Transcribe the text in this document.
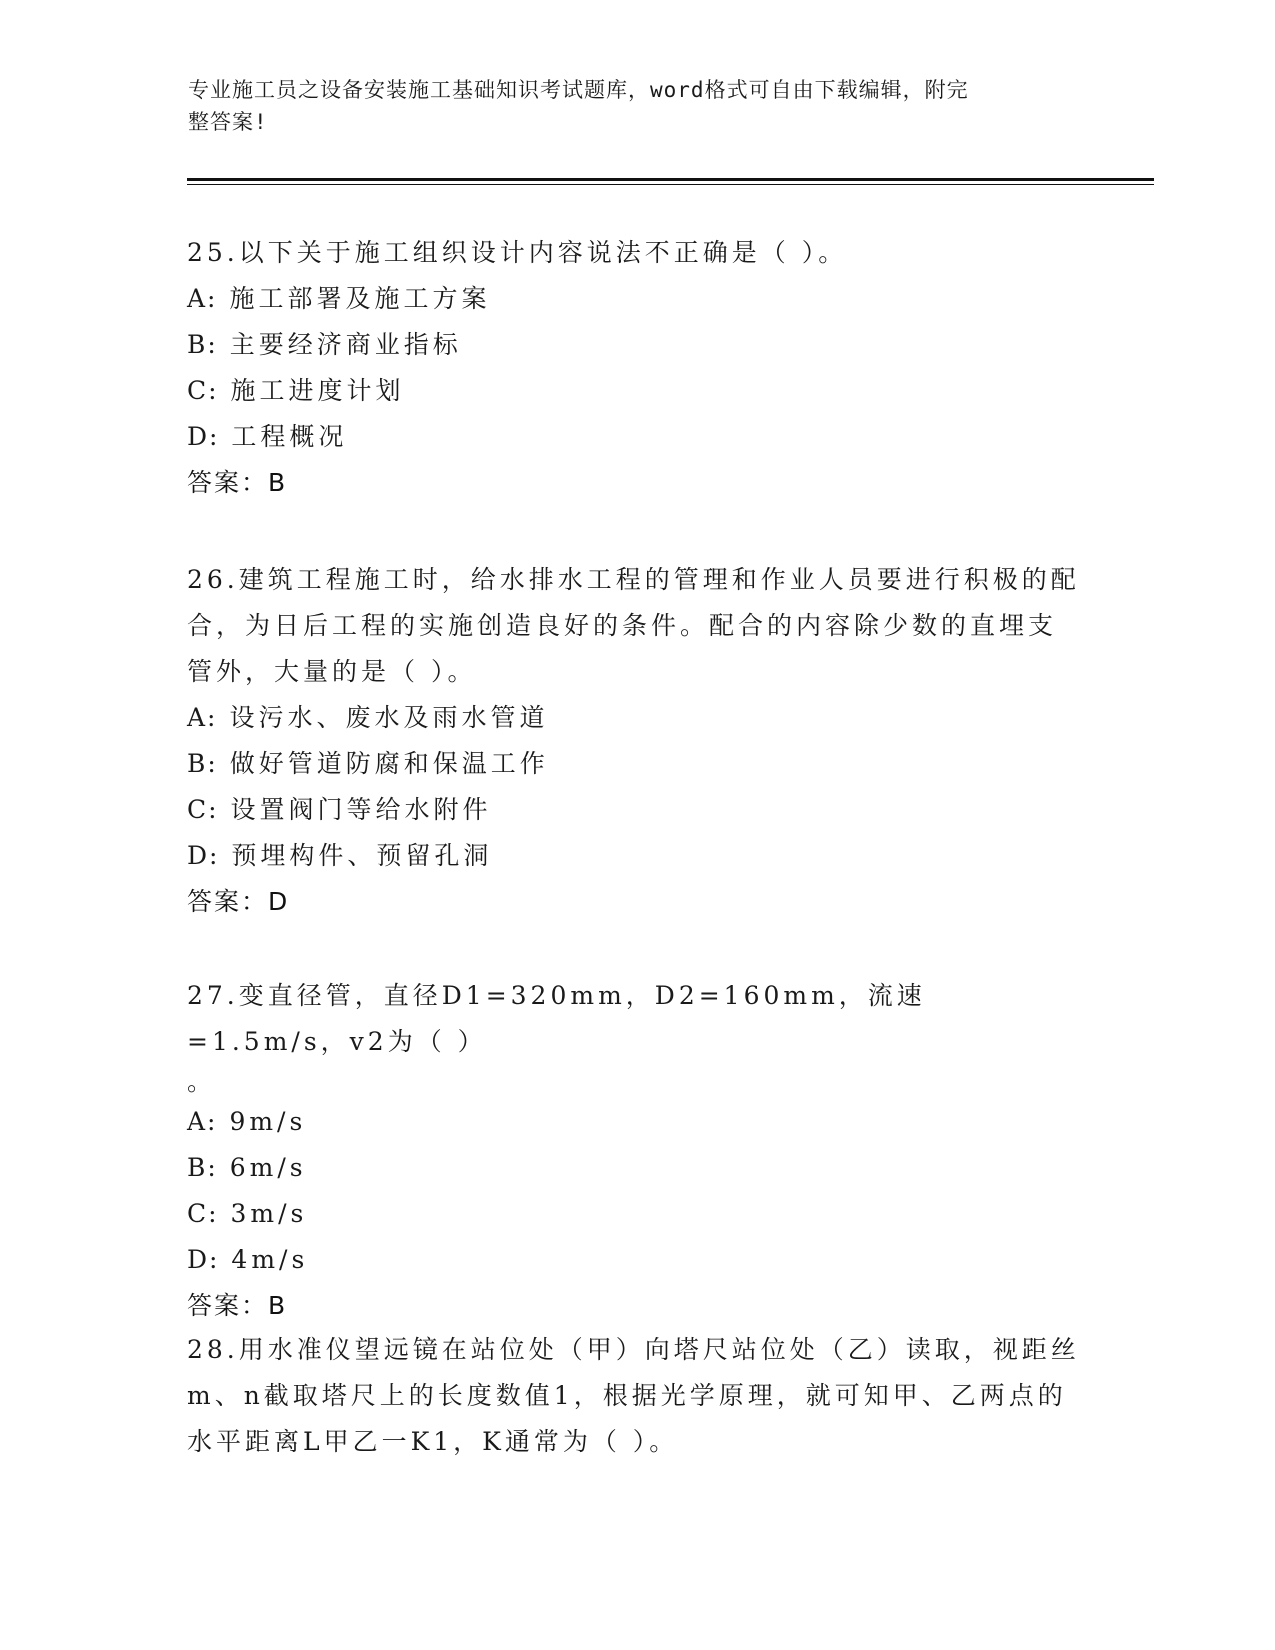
专业施工员之设备安装施工基础知识考试题库，word格式可自由下载编辑，附完
整答案!

25.以下关于施工组织设计内容说法不正确是（ ）。

A: 施工部署及施工方案

B: 主要经济商业指标

C: 施工进度计划

D: 工程概况

答案：B

26.建筑工程施工时，给水排水工程的管理和作业人员要进行积极的配

合，为日后工程的实施创造良好的条件。配合的内容除少数的直埋支

管外，大量的是（ ）。

A: 设污水、废水及雨水管道

B: 做好管道防腐和保温工作

C: 设置阀门等给水附件

D: 预埋构件、预留孔洞

答案：D

27.变直径管，直径D1=320mm，D2=160mm，流速=1.5m/s，v2为（ ）

。

A: 9m/s

B: 6m/s

C: 3m/s

D: 4m/s

答案：B

28.用水准仪望远镜在站位处（甲）向塔尺站位处（乙）读取，视距丝

m、n截取塔尺上的长度数值1，根据光学原理，就可知甲、乙两点的

水平距离L甲乙一K1，K通常为（ ）。
